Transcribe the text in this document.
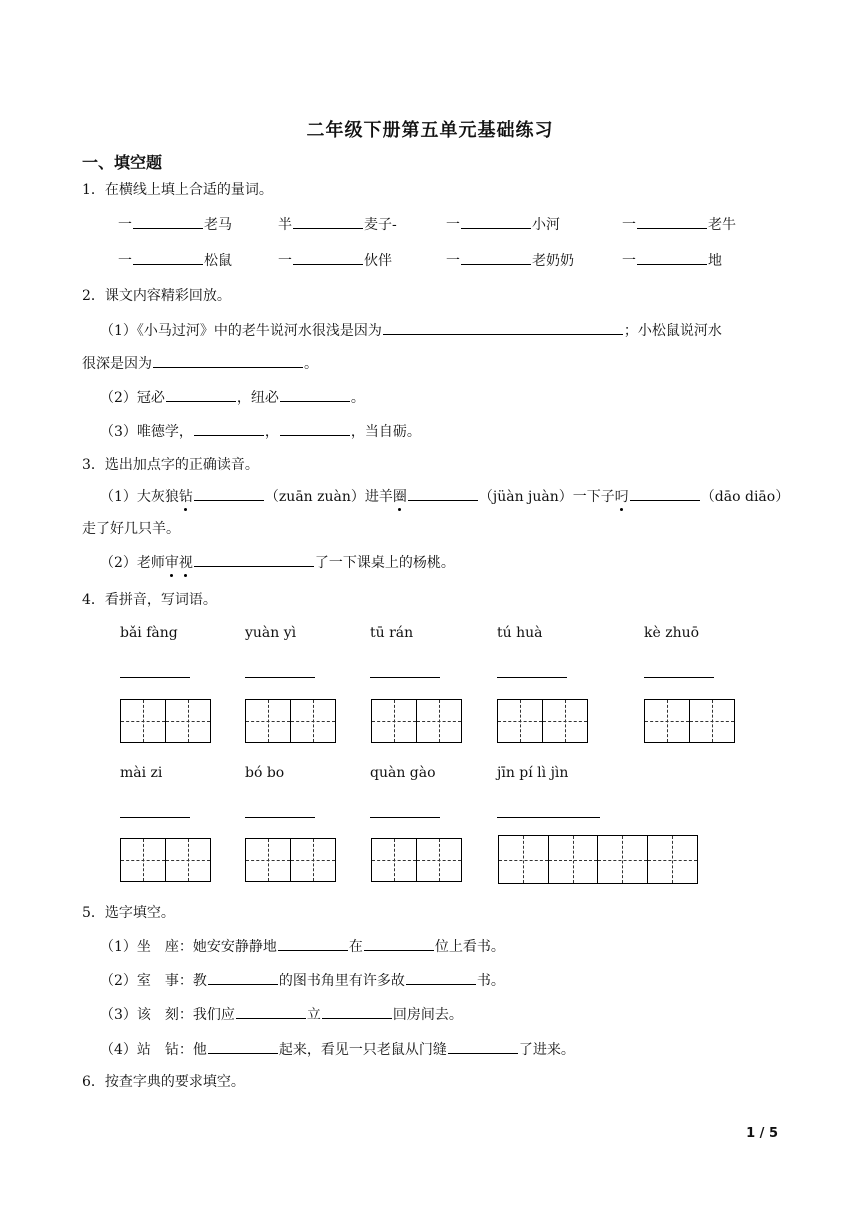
二年级下册第五单元基础练习
一、填空题
1．在横线上填上合适的量词。
一	老马	半	麦子-	一	小河	一	老牛
一	松鼠	一	伙伴	一	老奶奶	一	地
2．课文内容精彩回放。
（1）《小马过河》中的老牛说河水很浅是因为	；小松鼠说河水
很深是因为	。
（2）冠必	，纽必	。
（3）唯德学，	，	，当自砺。
3．选出加点字的正确读音。
（1）大灰狼钻	（zuān zuàn）进羊圈	（jüàn juàn）一下子叼	（dāo diāo）
走了好几只羊。
（2）老师审视	了一下课桌上的杨桃。
4．看拼音，写词语。
bǎi fàng	yuàn yì	tū rán	tú huà	kè zhuō
mài zi	bó bo	quàn gào	jīn pí lì jìn
5．选字填空。
（1）坐　座：她安安静静地	在	位上看书。
（2）室　事：教	的图书角里有许多故	书。
（3）该　刻：我们应	立	回房间去。
（4）站　钻：他	起来，看见一只老鼠从门缝	了进来。
6．按查字典的要求填空。
1 / 5
